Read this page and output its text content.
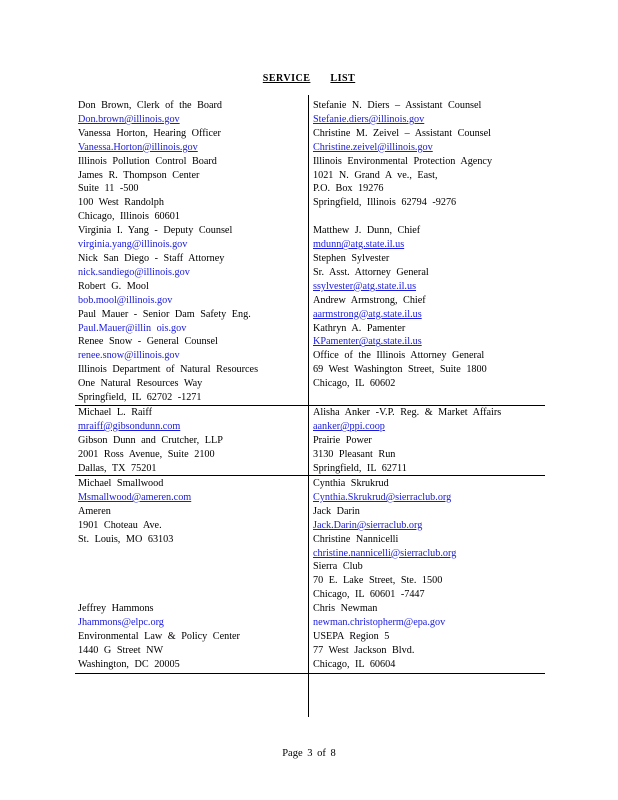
SERVICE LIST
Don Brown, Clerk of the Board
Don.brown@illinois.gov
Vanessa Horton, Hearing Officer
Vanessa.Horton@illinois.gov
Illinois Pollution Control Board
James R. Thompson Center
Suite 11 -500
100 West Randolph
Chicago, Illinois 60601
Virginia I. Yang - Deputy Counsel
virginia.yang@illinois.gov
Nick San Diego - Staff Attorney
nick.sandiego@illinois.gov
Robert G. Mool
bob.mool@illinois.gov
Paul Mauer - Senior Dam Safety Eng.
Paul.Mauer@illin ois.gov
Renee Snow - General Counsel
renee.snow@illinois.gov
Illinois Department of Natural Resources
One Natural Resources Way
Springfield, IL 62702 -1271
Stefanie N. Diers – Assistant Counsel
Stefanie.diers@illinois.gov
Christine M. Zeivel – Assistant Counsel
Christine.zeivel@illinois.gov
Illinois Environmental Protection Agency
1021 N. Grand A ve., East,
P.O. Box 19276
Springfield, Illinois 62794 -9276

Matthew J. Dunn, Chief
mdunn@atg.state.il.us
Stephen Sylvester
Sr. Asst. Attorney General
ssylvester@atg.state.il.us
Andrew Armstrong, Chief
aarmstrong@atg.state.il.us
Kathryn A. Pamenter
KPamenter@atg.state.il.us
Office of the Illinois Attorney General
69 West Washington Street, Suite 1800
Chicago, IL 60602
Michael L. Raiff
mraiff@gibsondunn.com
Gibson Dunn and Crutcher, LLP
2001 Ross Avenue, Suite 2100
Dallas, TX 75201
Alisha Anker -V.P. Reg. & Market Affairs
aanker@ppi.coop
Prairie Power
3130 Pleasant Run
Springfield, IL 62711
Michael Smallwood
Msmallwood@ameren.com
Ameren
1901 Choteau Ave.
St. Louis, MO 63103

Jeffrey Hammons
Jhammons@elpc.org
Environmental Law & Policy Center
1440 G Street NW
Washington, DC 20005
Cynthia Skrukrud
Cynthia.Skrukrud@sierraclub.org
Jack Darin
Jack.Darin@sierraclub.org
Christine Nannicelli
christine.nannicelli@sierraclub.org
Sierra Club
70 E. Lake Street, Ste. 1500
Chicago, IL 60601 -7447
Chris Newman
newman.christopherm@epa.gov
USEPA Region 5
77 West Jackson Blvd.
Chicago, IL 60604
Page 3 of 8
